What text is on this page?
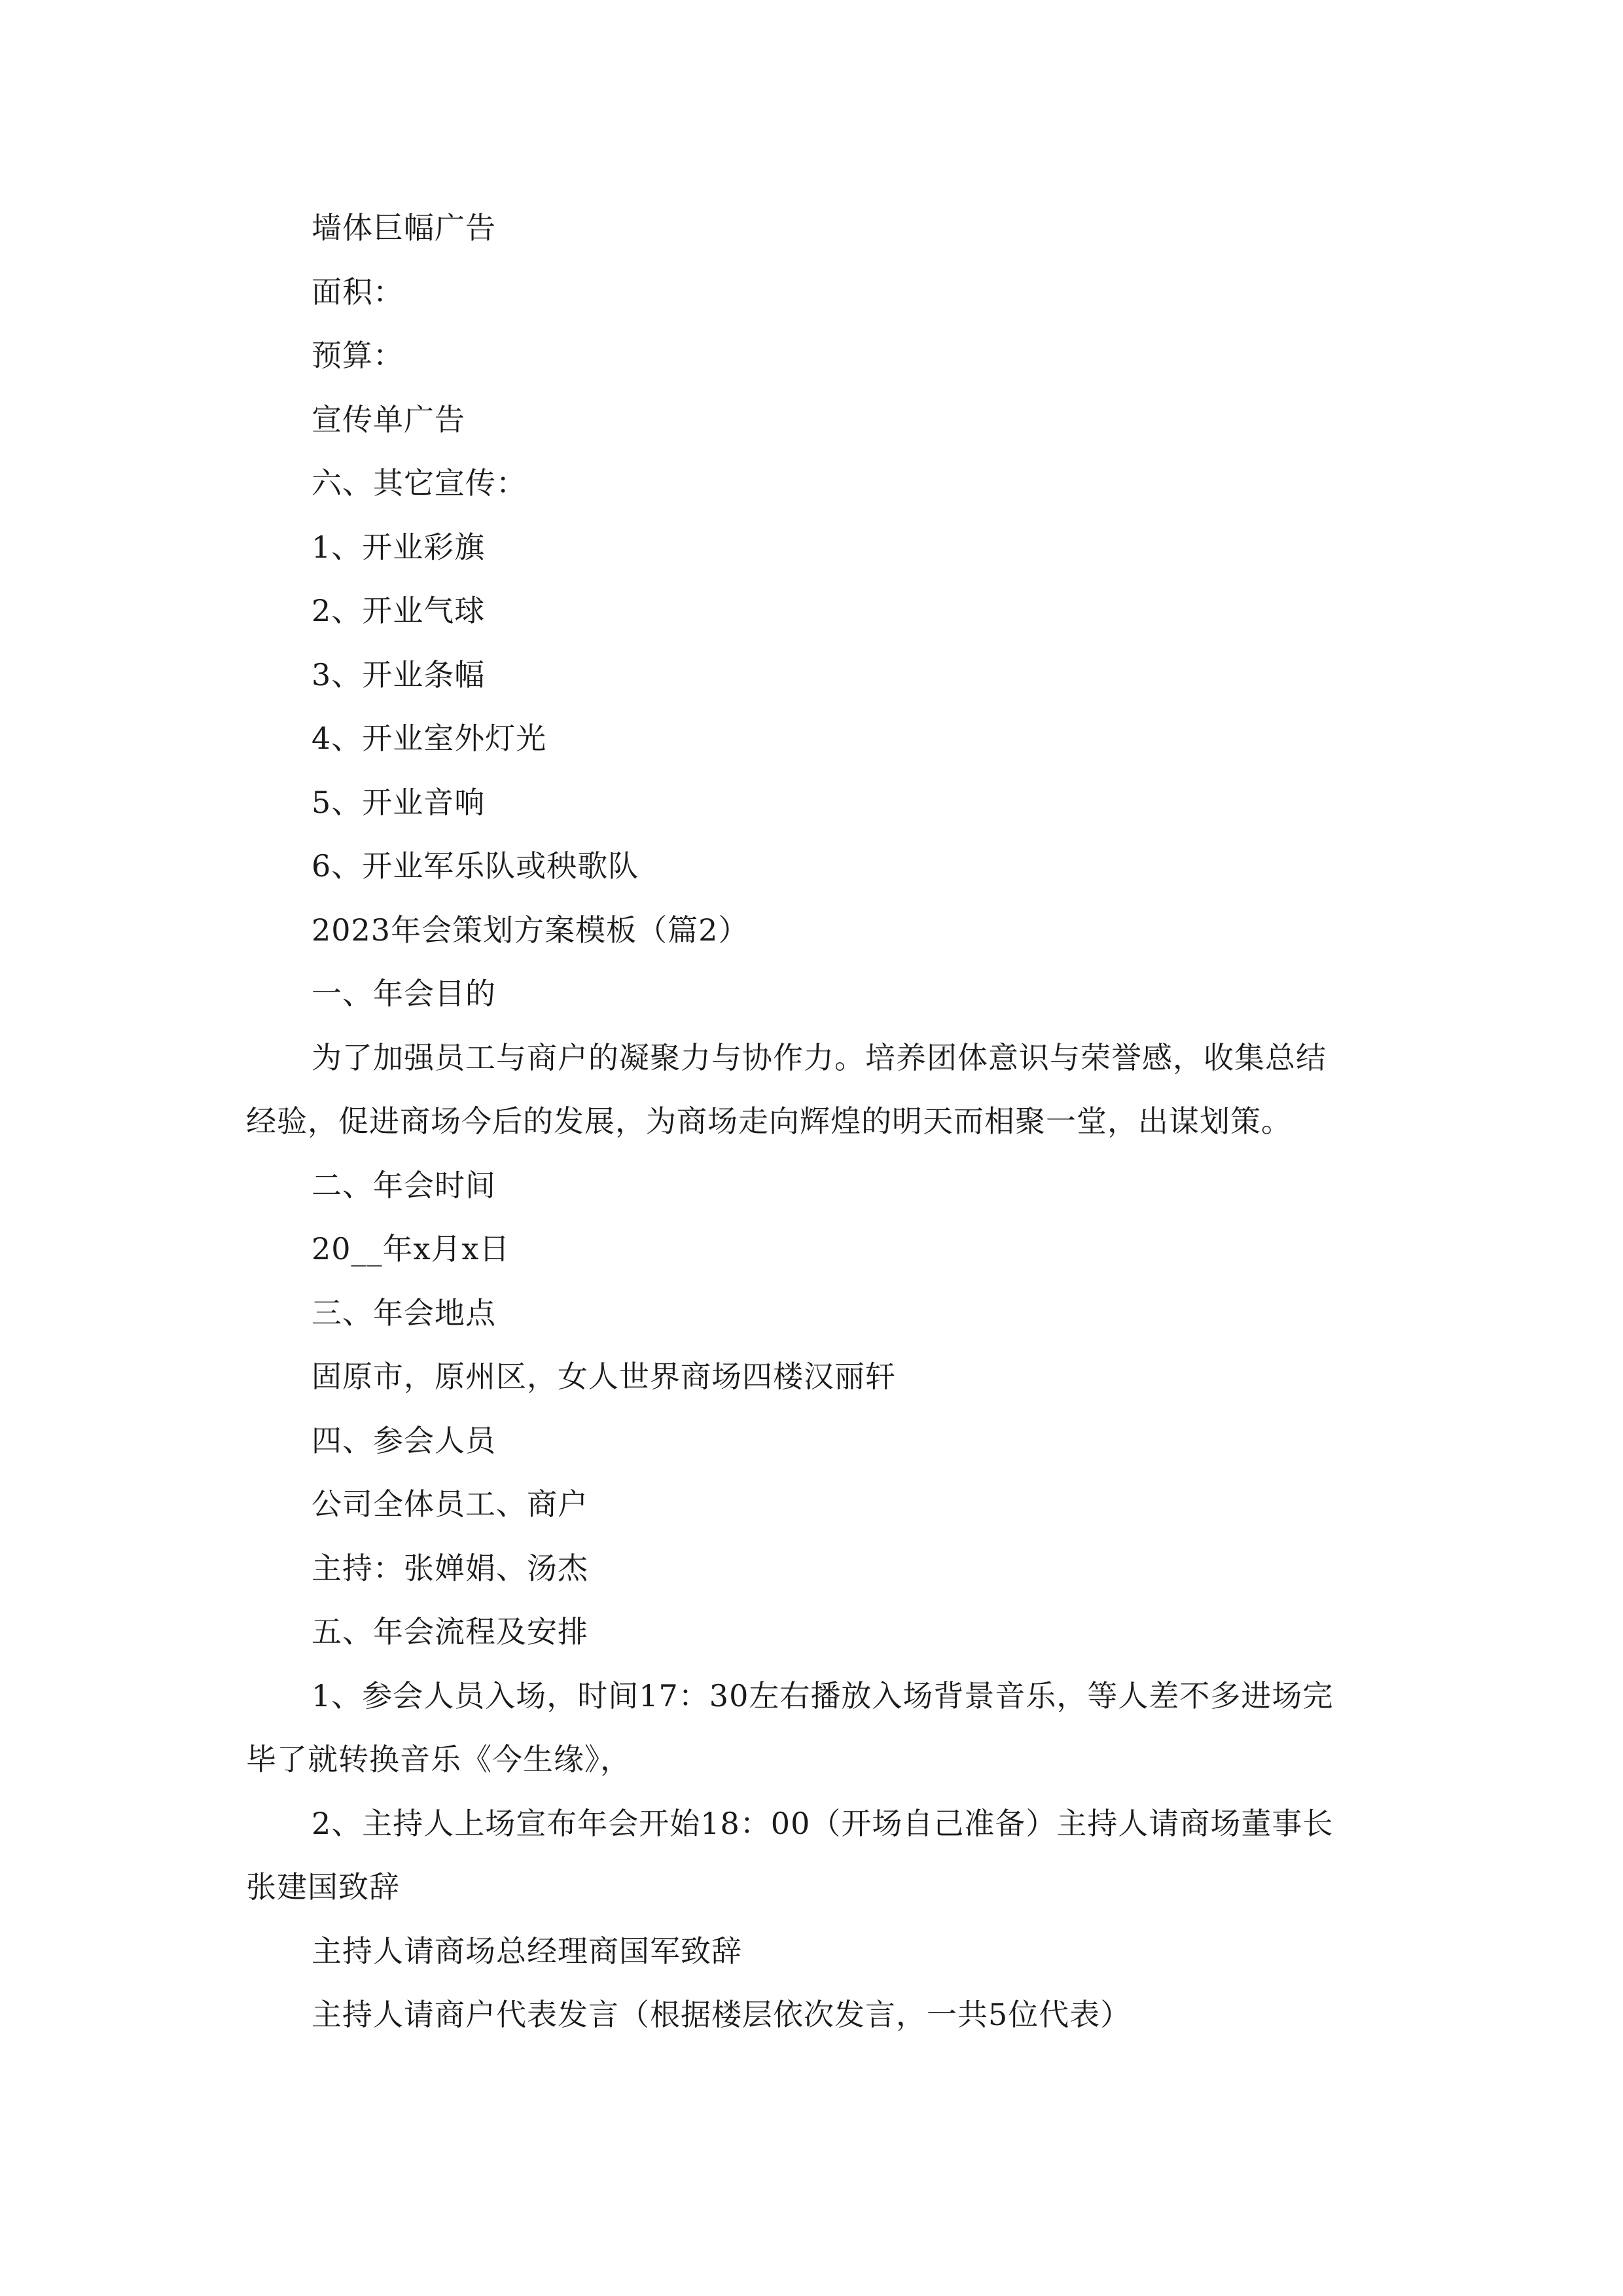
墙体巨幅广告
面积：
预算：
宣传单广告
六、其它宣传：
1、开业彩旗
2、开业气球
3、开业条幅
4、开业室外灯光
5、开业音响
6、开业军乐队或秧歌队
2023年会策划方案模板（篇2）
一、年会目的
为了加强员工与商户的凝聚力与协作力。培养团体意识与荣誉感，收集总结
经验，促进商场今后的发展，为商场走向辉煌的明天而相聚一堂，出谋划策。
二、年会时间
20__年x月x日
三、年会地点
固原市，原州区，女人世界商场四楼汉丽轩
四、参会人员
公司全体员工、商户
主持：张婵娟、汤杰
五、年会流程及安排
1、参会人员入场，时间17：30左右播放入场背景音乐，等人差不多进场完
毕了就转换音乐《今生缘》，
2、主持人上场宣布年会开始18：00（开场自己准备）主持人请商场董事长
张建国致辞
主持人请商场总经理商国军致辞
主持人请商户代表发言（根据楼层依次发言，一共5位代表）
